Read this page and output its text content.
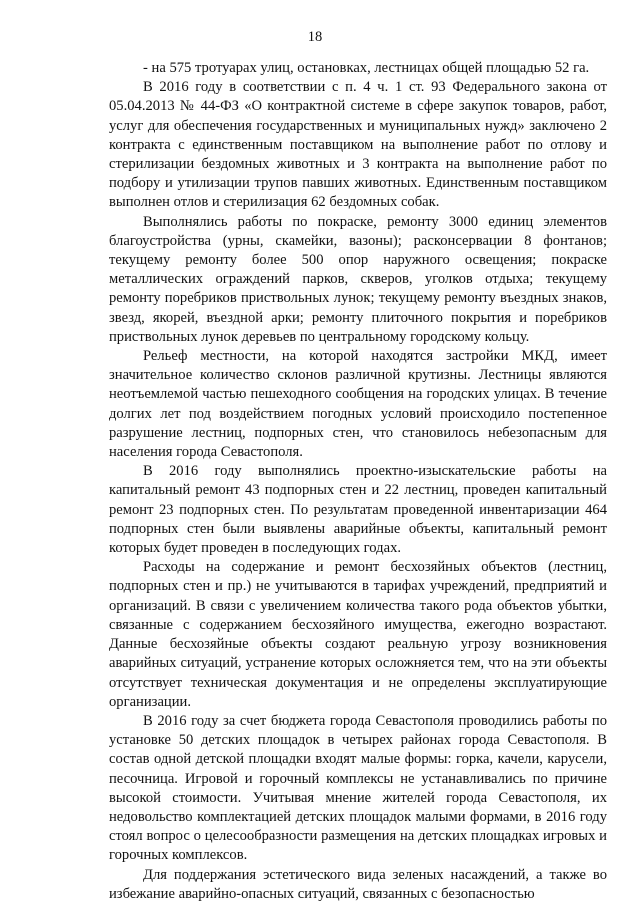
18

- на 575 тротуарах улиц, остановках, лестницах общей площадью 52 га.

В 2016 году в соответствии с п. 4 ч. 1 ст. 93 Федерального закона от 05.04.2013 № 44-ФЗ «О контрактной системе в сфере закупок товаров, работ, услуг для обеспечения государственных и муниципальных нужд» заключено 2 контракта с единственным поставщиком на выполнение работ по отлову и стерилизации бездомных животных и 3 контракта на выполнение работ по подбору и утилизации трупов павших животных. Единственным поставщиком выполнен отлов и стерилизация 62 бездомных собак.

Выполнялись работы по покраске, ремонту 3000 единиц элементов благоустройства (урны, скамейки, вазоны); расконсервации 8 фонтанов; текущему ремонту более 500 опор наружного освещения; покраске металлических ограждений парков, скверов, уголков отдыха; текущему ремонту поребриков приствольных лунок; текущему ремонту въездных знаков, звезд, якорей, въездной арки; ремонту плиточного покрытия и поребриков приствольных лунок деревьев по центральному городскому кольцу.

Рельеф местности, на которой находятся застройки МКД, имеет значительное количество склонов различной крутизны. Лестницы являются неотъемлемой частью пешеходного сообщения на городских улицах. В течение долгих лет под воздействием погодных условий происходило постепенное разрушение лестниц, подпорных стен, что становилось небезопасным для населения города Севастополя.

В 2016 году выполнялись проектно-изыскательские работы на капитальный ремонт 43 подпорных стен и 22 лестниц, проведен капитальный ремонт 23 подпорных стен. По результатам проведенной инвентаризации 464 подпорных стен были выявлены аварийные объекты, капитальный ремонт которых будет проведен в последующих годах.

Расходы на содержание и ремонт бесхозяйных объектов (лестниц, подпорных стен и пр.) не учитываются в тарифах учреждений, предприятий и организаций. В связи с увеличением количества такого рода объектов убытки, связанные с содержанием бесхозяйного имущества, ежегодно возрастают. Данные бесхозяйные объекты создают реальную угрозу возникновения аварийных ситуаций, устранение которых осложняется тем, что на эти объекты отсутствует техническая документация и не определены эксплуатирующие организации.

В 2016 году за счет бюджета города Севастополя проводились работы по установке 50 детских площадок в четырех районах города Севастополя. В состав одной детской площадки входят малые формы: горка, качели, карусели, песочница. Игровой и горочный комплексы не устанавливались по причине высокой стоимости. Учитывая мнение жителей города Севастополя, их недовольство комплектацией детских площадок малыми формами, в 2016 году стоял вопрос о целесообразности размещения на детских площадках игровых и горочных комплексов.

Для поддержания эстетического вида зеленых насаждений, а также во избежание аварийно-опасных ситуаций, связанных с безопасностью
